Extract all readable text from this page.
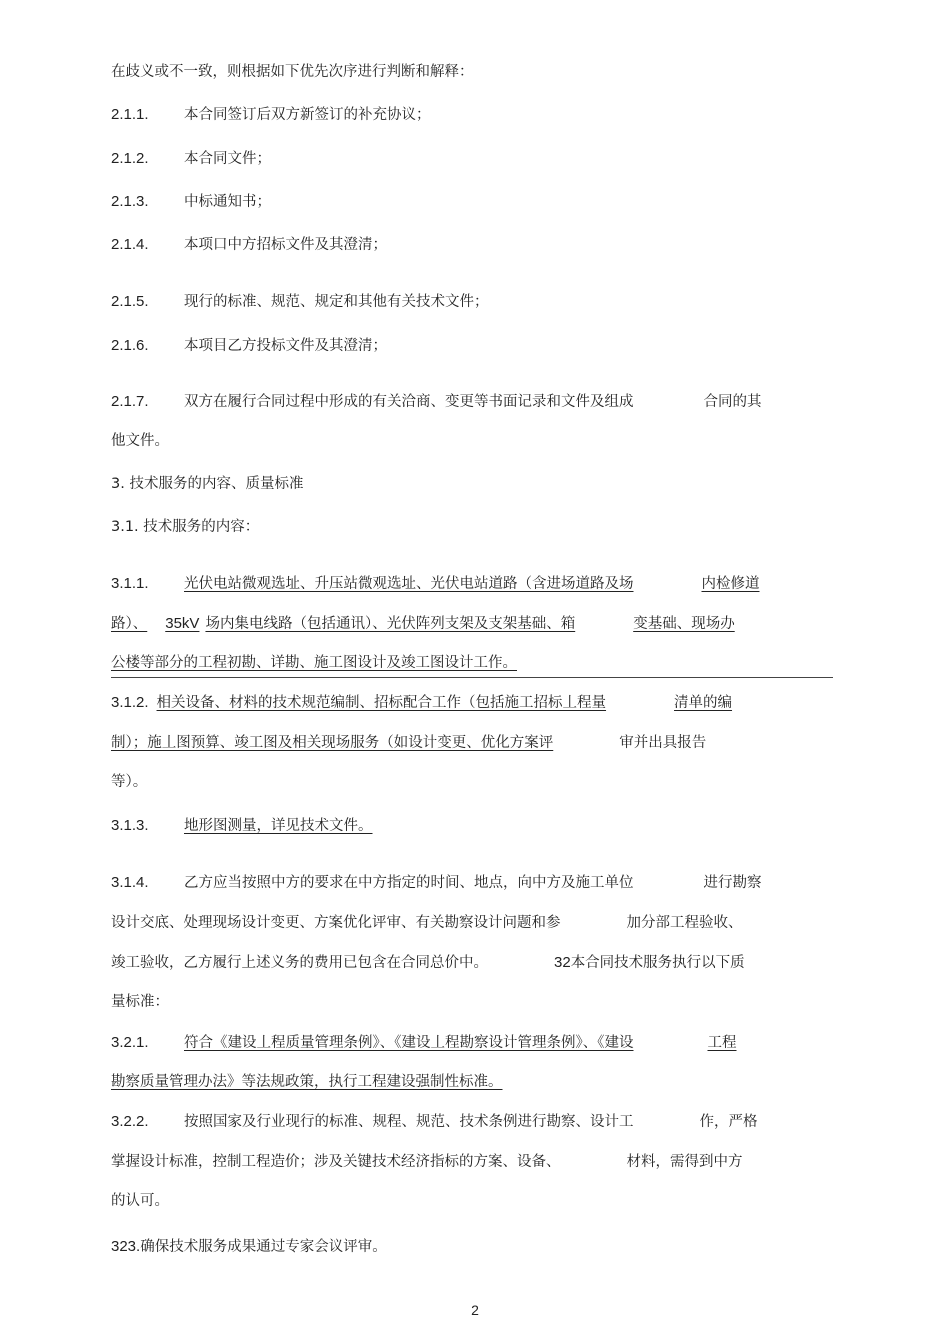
在歧义或不一致，则根据如下优先次序进行判断和解释：
2.1.1. 本合同签订后双方新签订的补充协议；
2.1.2. 本合同文件；
2.1.3. 中标通知书；
2.1.4. 本项口中方招标文件及其澄清；
2.1.5. 现行的标准、规范、规定和其他有关技术文件；
2.1.6. 本项目乙方投标文件及其澄清；
2.1.7. 双方在履行合同过程中形成的有关洽商、变更等书面记录和文件及组成	合同的其
他文件。
3. 技术服务的内容、质量标准
3.1. 技术服务的内容：
3.1.1. 光伏电站微观选址、升压站微观选址、光伏电站道路（含进场道路及场	内检修道
路）、 35kV 场内集电线路（包括通讯）、光伏阵列支架及支架基础、箱	变基础、现场办
公楼等部分的工程初勘、详勘、施工图设计及竣工图设计工作。
3.1.2. 相关设备、材料的技术规范编制、招标配合工作（包括施工招标丄程量	清单的编
制）；施丄图预算、竣工图及相关现场服务（如设计变更、优化方案评	审并出具报告
等）。
3.1.3. 地形图测量，详见技术文件。
3.1.4. 乙方应当按照中方的要求在中方指定的时间、地点，向中方及施工单位	进行勘察
设计交底、处理现场设计变更、方案优化评审、有关勘察设计问题和参	加分部工程验收、
竣工验收，乙方履行上述义务的费用已包含在合同总价中。	32本合同技术服务执行以下质
量标准：
3.2.1. 符合《建设丄程质量管理条例》、《建设丄程勘察设计管理条例》、《建设	工程
勘察质量管理办法》等法规政策，执行工程建设强制性标准。
3.2.2. 按照国家及行业现行的标准、规程、规范、技术条例进行勘察、设计工	作，严格
掌握设计标准，控制工程造价；涉及关键技术经济指标的方案、设备、	材料，需得到中方
的认可。
323.确保技术服务成果通过专家会议评审。
2
